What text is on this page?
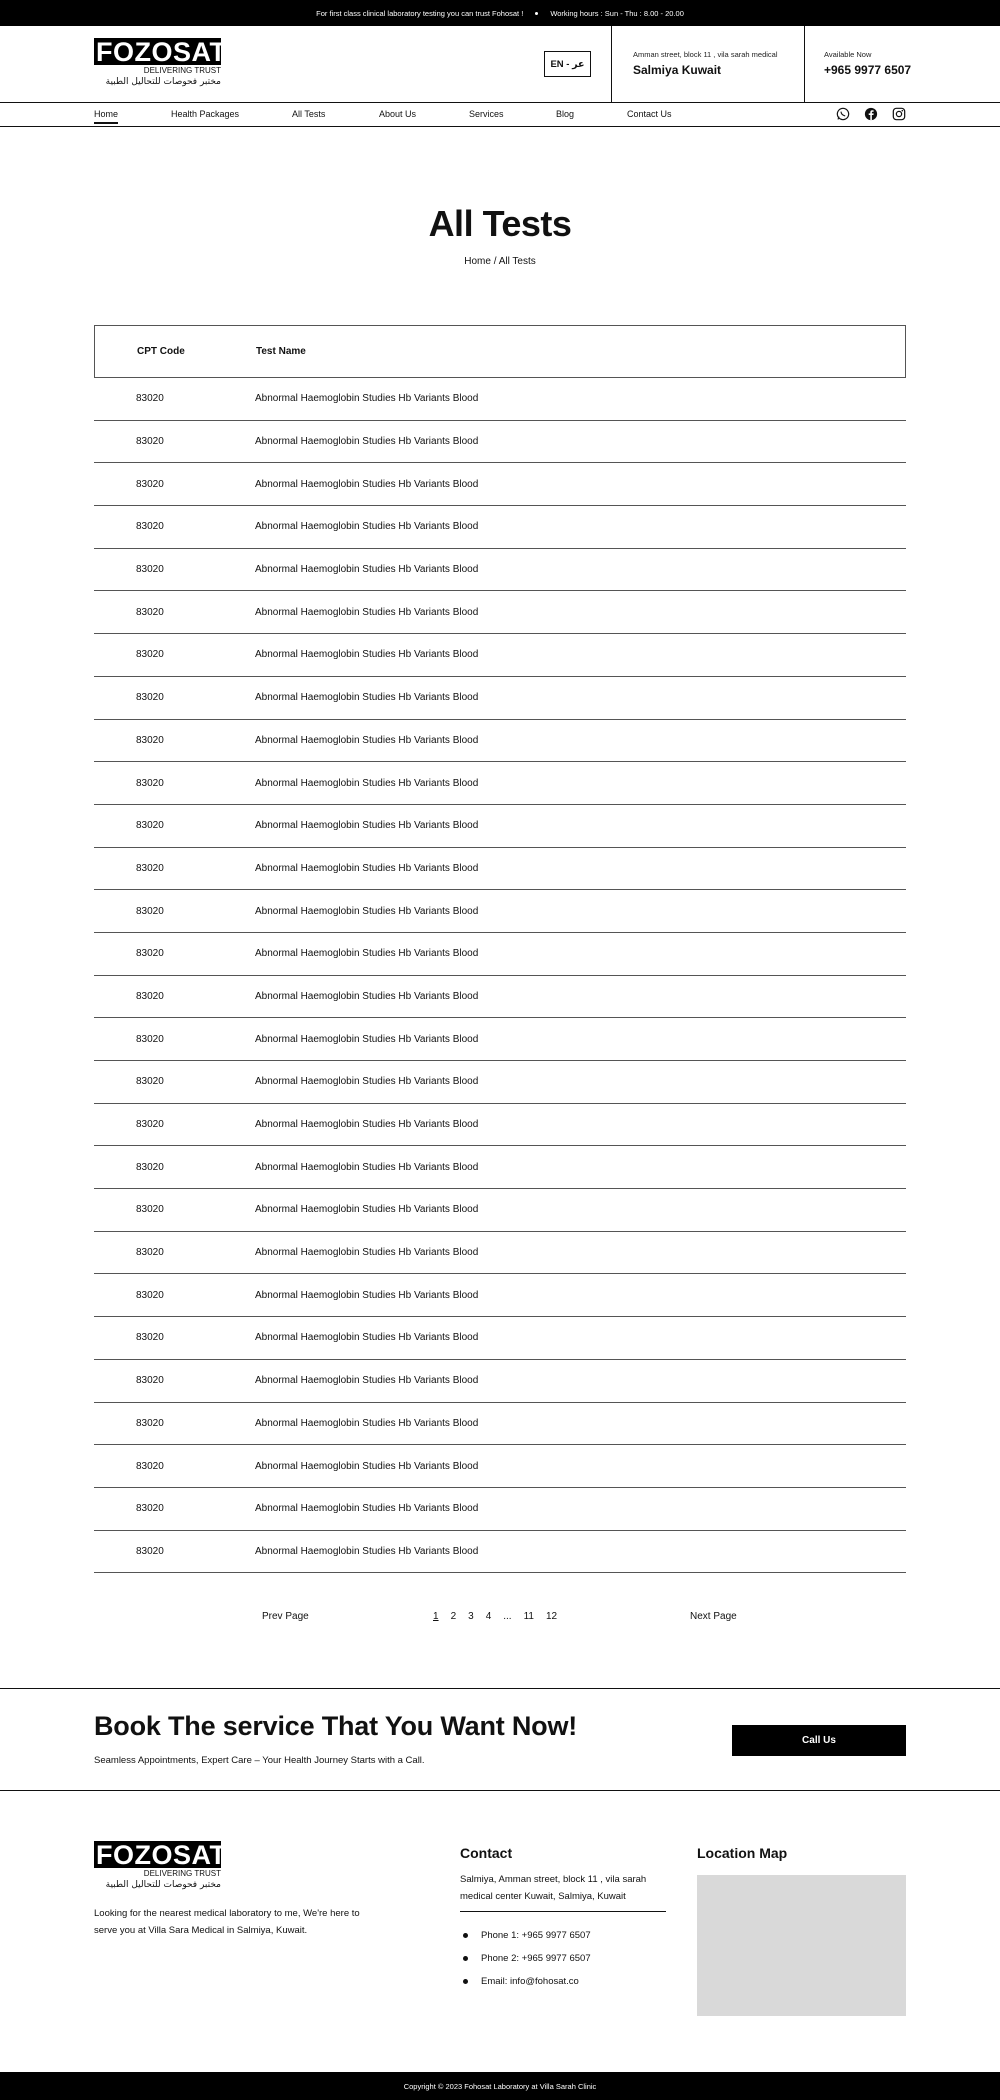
For first class clinical laboratory testing you can trust Fohosat !	Working hours : Sun - Thu : 8.00 - 20.00
FOZOSAT
DELIVERING TRUST
مختبر فحوصات للتحاليل الطبية
EN - عر
Amman street, block 11 , vila sarah medical
Salmiya Kuwait
Available Now
+965 9977 6507
Home	Health Packages	All Tests	About Us	Services	Blog	Contact Us
All Tests
Home / All Tests
CPT Code	Test Name
83020	Abnormal Haemoglobin Studies Hb Variants Blood
83020	Abnormal Haemoglobin Studies Hb Variants Blood
83020	Abnormal Haemoglobin Studies Hb Variants Blood
83020	Abnormal Haemoglobin Studies Hb Variants Blood
83020	Abnormal Haemoglobin Studies Hb Variants Blood
83020	Abnormal Haemoglobin Studies Hb Variants Blood
83020	Abnormal Haemoglobin Studies Hb Variants Blood
83020	Abnormal Haemoglobin Studies Hb Variants Blood
83020	Abnormal Haemoglobin Studies Hb Variants Blood
83020	Abnormal Haemoglobin Studies Hb Variants Blood
83020	Abnormal Haemoglobin Studies Hb Variants Blood
83020	Abnormal Haemoglobin Studies Hb Variants Blood
83020	Abnormal Haemoglobin Studies Hb Variants Blood
83020	Abnormal Haemoglobin Studies Hb Variants Blood
83020	Abnormal Haemoglobin Studies Hb Variants Blood
83020	Abnormal Haemoglobin Studies Hb Variants Blood
83020	Abnormal Haemoglobin Studies Hb Variants Blood
83020	Abnormal Haemoglobin Studies Hb Variants Blood
83020	Abnormal Haemoglobin Studies Hb Variants Blood
83020	Abnormal Haemoglobin Studies Hb Variants Blood
83020	Abnormal Haemoglobin Studies Hb Variants Blood
83020	Abnormal Haemoglobin Studies Hb Variants Blood
83020	Abnormal Haemoglobin Studies Hb Variants Blood
83020	Abnormal Haemoglobin Studies Hb Variants Blood
83020	Abnormal Haemoglobin Studies Hb Variants Blood
83020	Abnormal Haemoglobin Studies Hb Variants Blood
83020	Abnormal Haemoglobin Studies Hb Variants Blood
83020	Abnormal Haemoglobin Studies Hb Variants Blood
Prev Page	1 2 3 4 ... 11 12	Next Page
Book The service That You Want Now!

Seamless Appointments, Expert Care – Your Health Journey Starts with a Call.

Call Us
FOZOSAT
DELIVERING TRUST
مختبر فحوصات للتحاليل الطبية
Looking for the nearest medical laboratory to me, We're here to serve you at Villa Sara Medical in Salmiya, Kuwait.
Contact
Salmiya, Amman street, block 11 , vila sarah medical center Kuwait, Salmiya, Kuwait
Phone 1: +965 9977 6507
Phone 2: +965 9977 6507
Email: info@fohosat.co
Location Map
Copyright © 2023 Fohosat Laboratory at Villa Sarah Clinic
